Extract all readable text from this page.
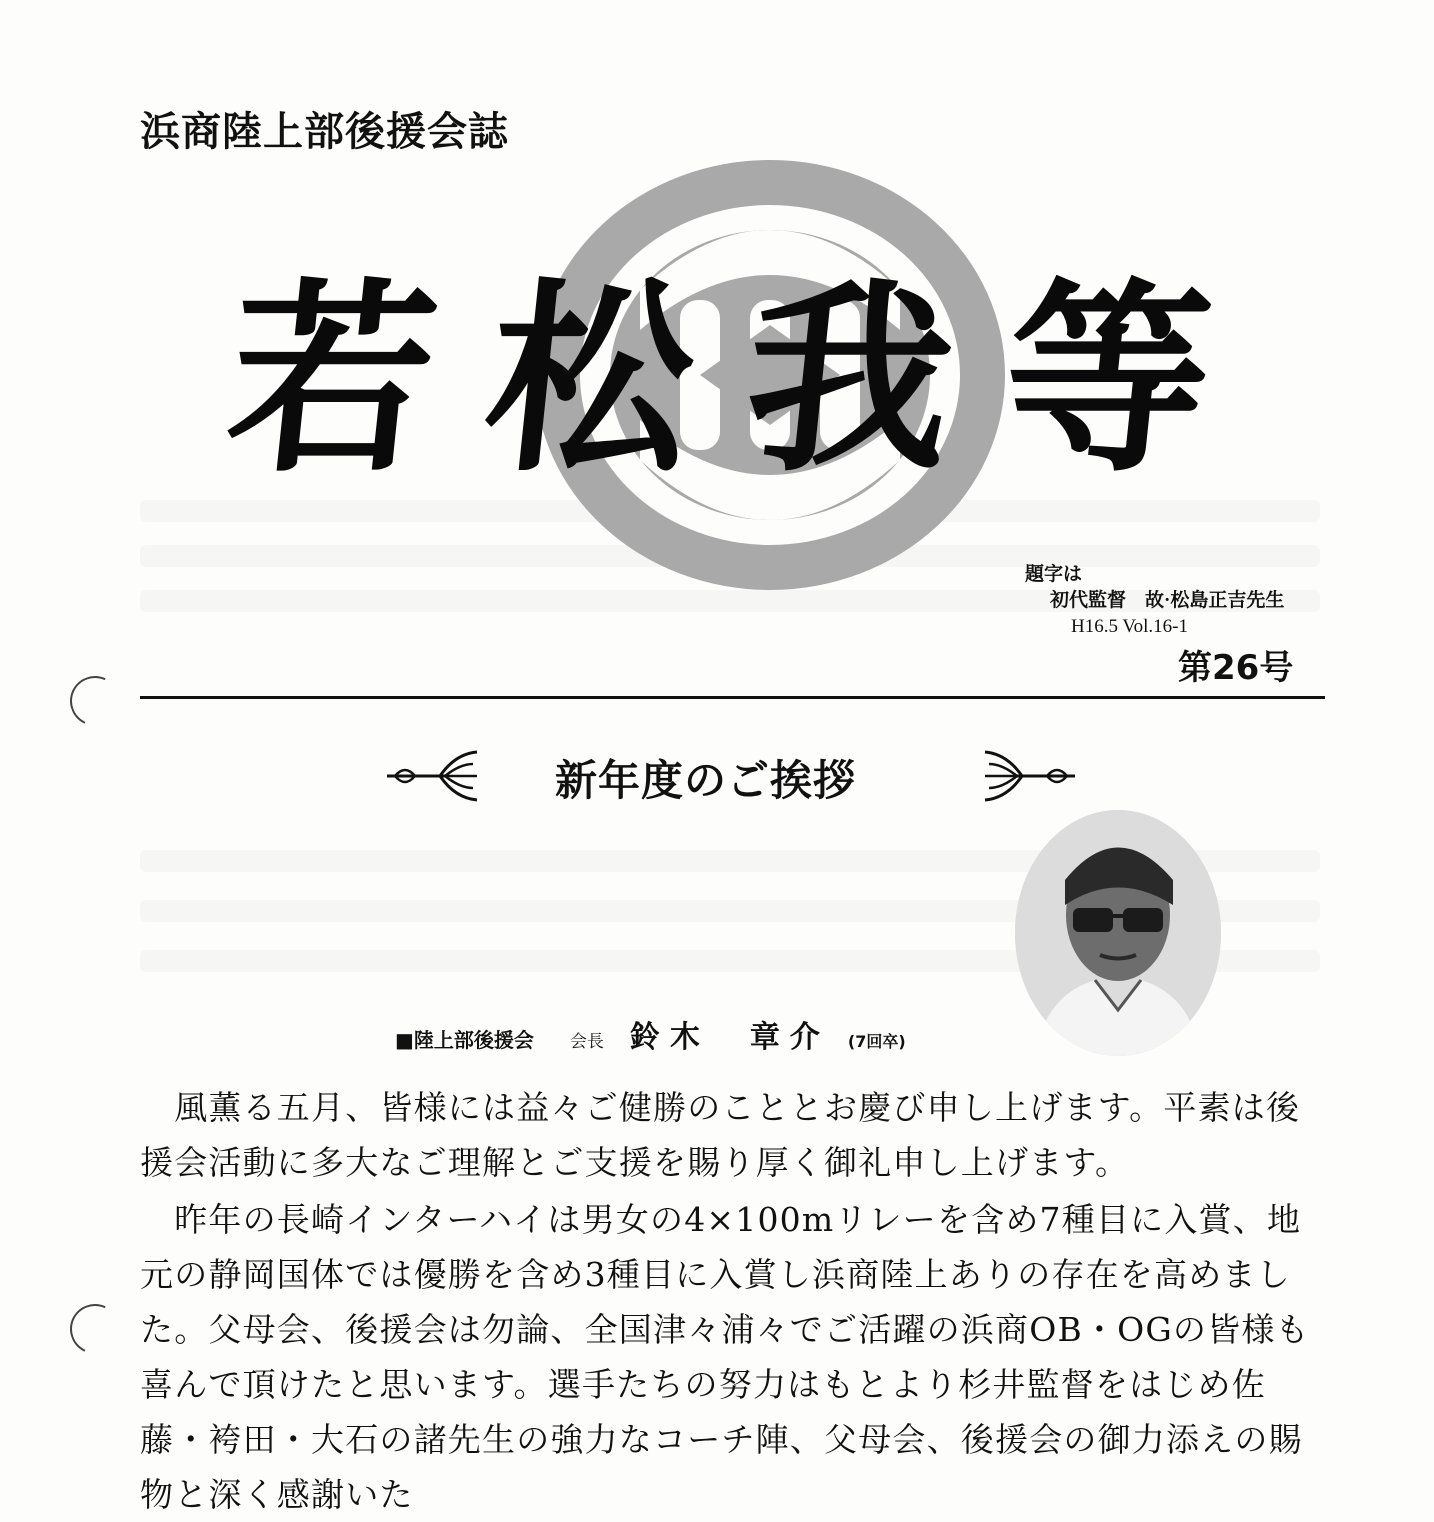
浜商陸上部後援会誌
若 松 我 等
題字は
初代監督　故·松島正吉先生
H16.5 Vol.16-1
第26号
新年度のご挨拶
■陸上部後援会 会長 鈴木　章介 (7回卒)

　風薫る五月、皆様には益々ご健勝のこととお慶び申し上げます。平素は後援会活動に多大なご理解とご支援を賜り厚く御礼申し上げます。

　昨年の長崎インターハイは男女の4×100mリレーを含め7種目に入賞、地元の静岡国体では優勝を含め3種目に入賞し浜商陸上ありの存在を高めました。父母会、後援会は勿論、全国津々浦々でご活躍の浜商OB・OGの皆様も喜んで頂けたと思います。選手たちの努力はもとより杉井監督をはじめ佐藤・袴田・大石の諸先生の強力なコーチ陣、父母会、後援会の御力添えの賜物と深く感謝いた
